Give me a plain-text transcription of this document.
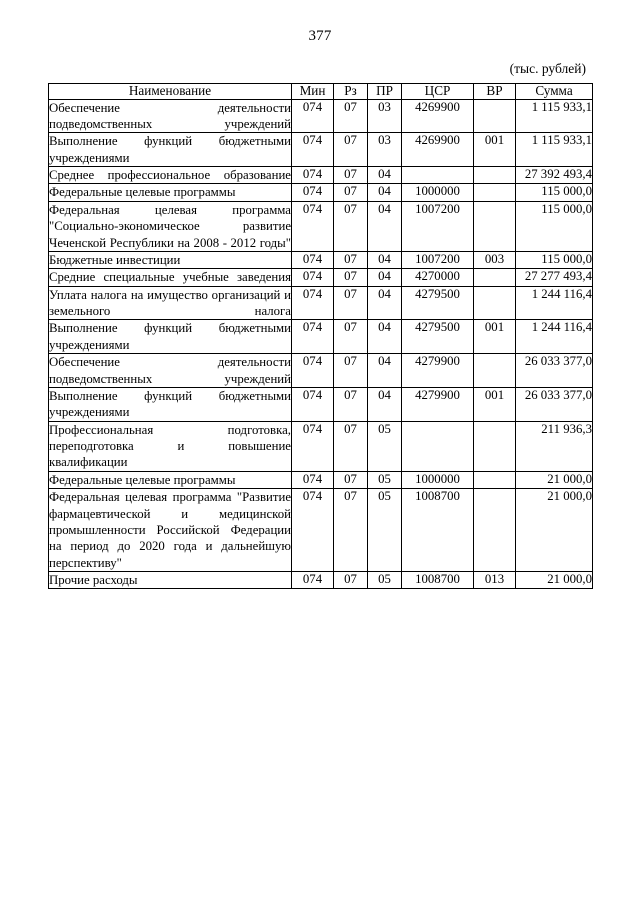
377
(тыс. рублей)
Наименование	Мин	Рз	ПР	ЦСР	ВР	Сумма
Обеспечение деятельности подведомственных учреждений	074	07	03	4269900		1 115 933,1
Выполнение функций бюджетными учреждениями	074	07	03	4269900	001	1 115 933,1
Среднее профессиональное образование	074	07	04			27 392 493,4
Федеральные целевые программы	074	07	04	1000000		115 000,0
Федеральная целевая программа "Социально-экономическое развитие Чеченской Республики на 2008 - 2012 годы"	074	07	04	1007200		115 000,0
Бюджетные инвестиции	074	07	04	1007200	003	115 000,0
Средние специальные учебные заведения	074	07	04	4270000		27 277 493,4
Уплата налога на имущество организаций и земельного налога	074	07	04	4279500		1 244 116,4
Выполнение функций бюджетными учреждениями	074	07	04	4279500	001	1 244 116,4
Обеспечение деятельности подведомственных учреждений	074	07	04	4279900		26 033 377,0
Выполнение функций бюджетными учреждениями	074	07	04	4279900	001	26 033 377,0
Профессиональная подготовка, переподготовка и повышение квалификации	074	07	05			211 936,3
Федеральные целевые программы	074	07	05	1000000		21 000,0
Федеральная целевая программа "Развитие фармацевтической и медицинской промышленности Российской Федерации на период до 2020 года и дальнейшую перспективу"	074	07	05	1008700		21 000,0
Прочие расходы	074	07	05	1008700	013	21 000,0
